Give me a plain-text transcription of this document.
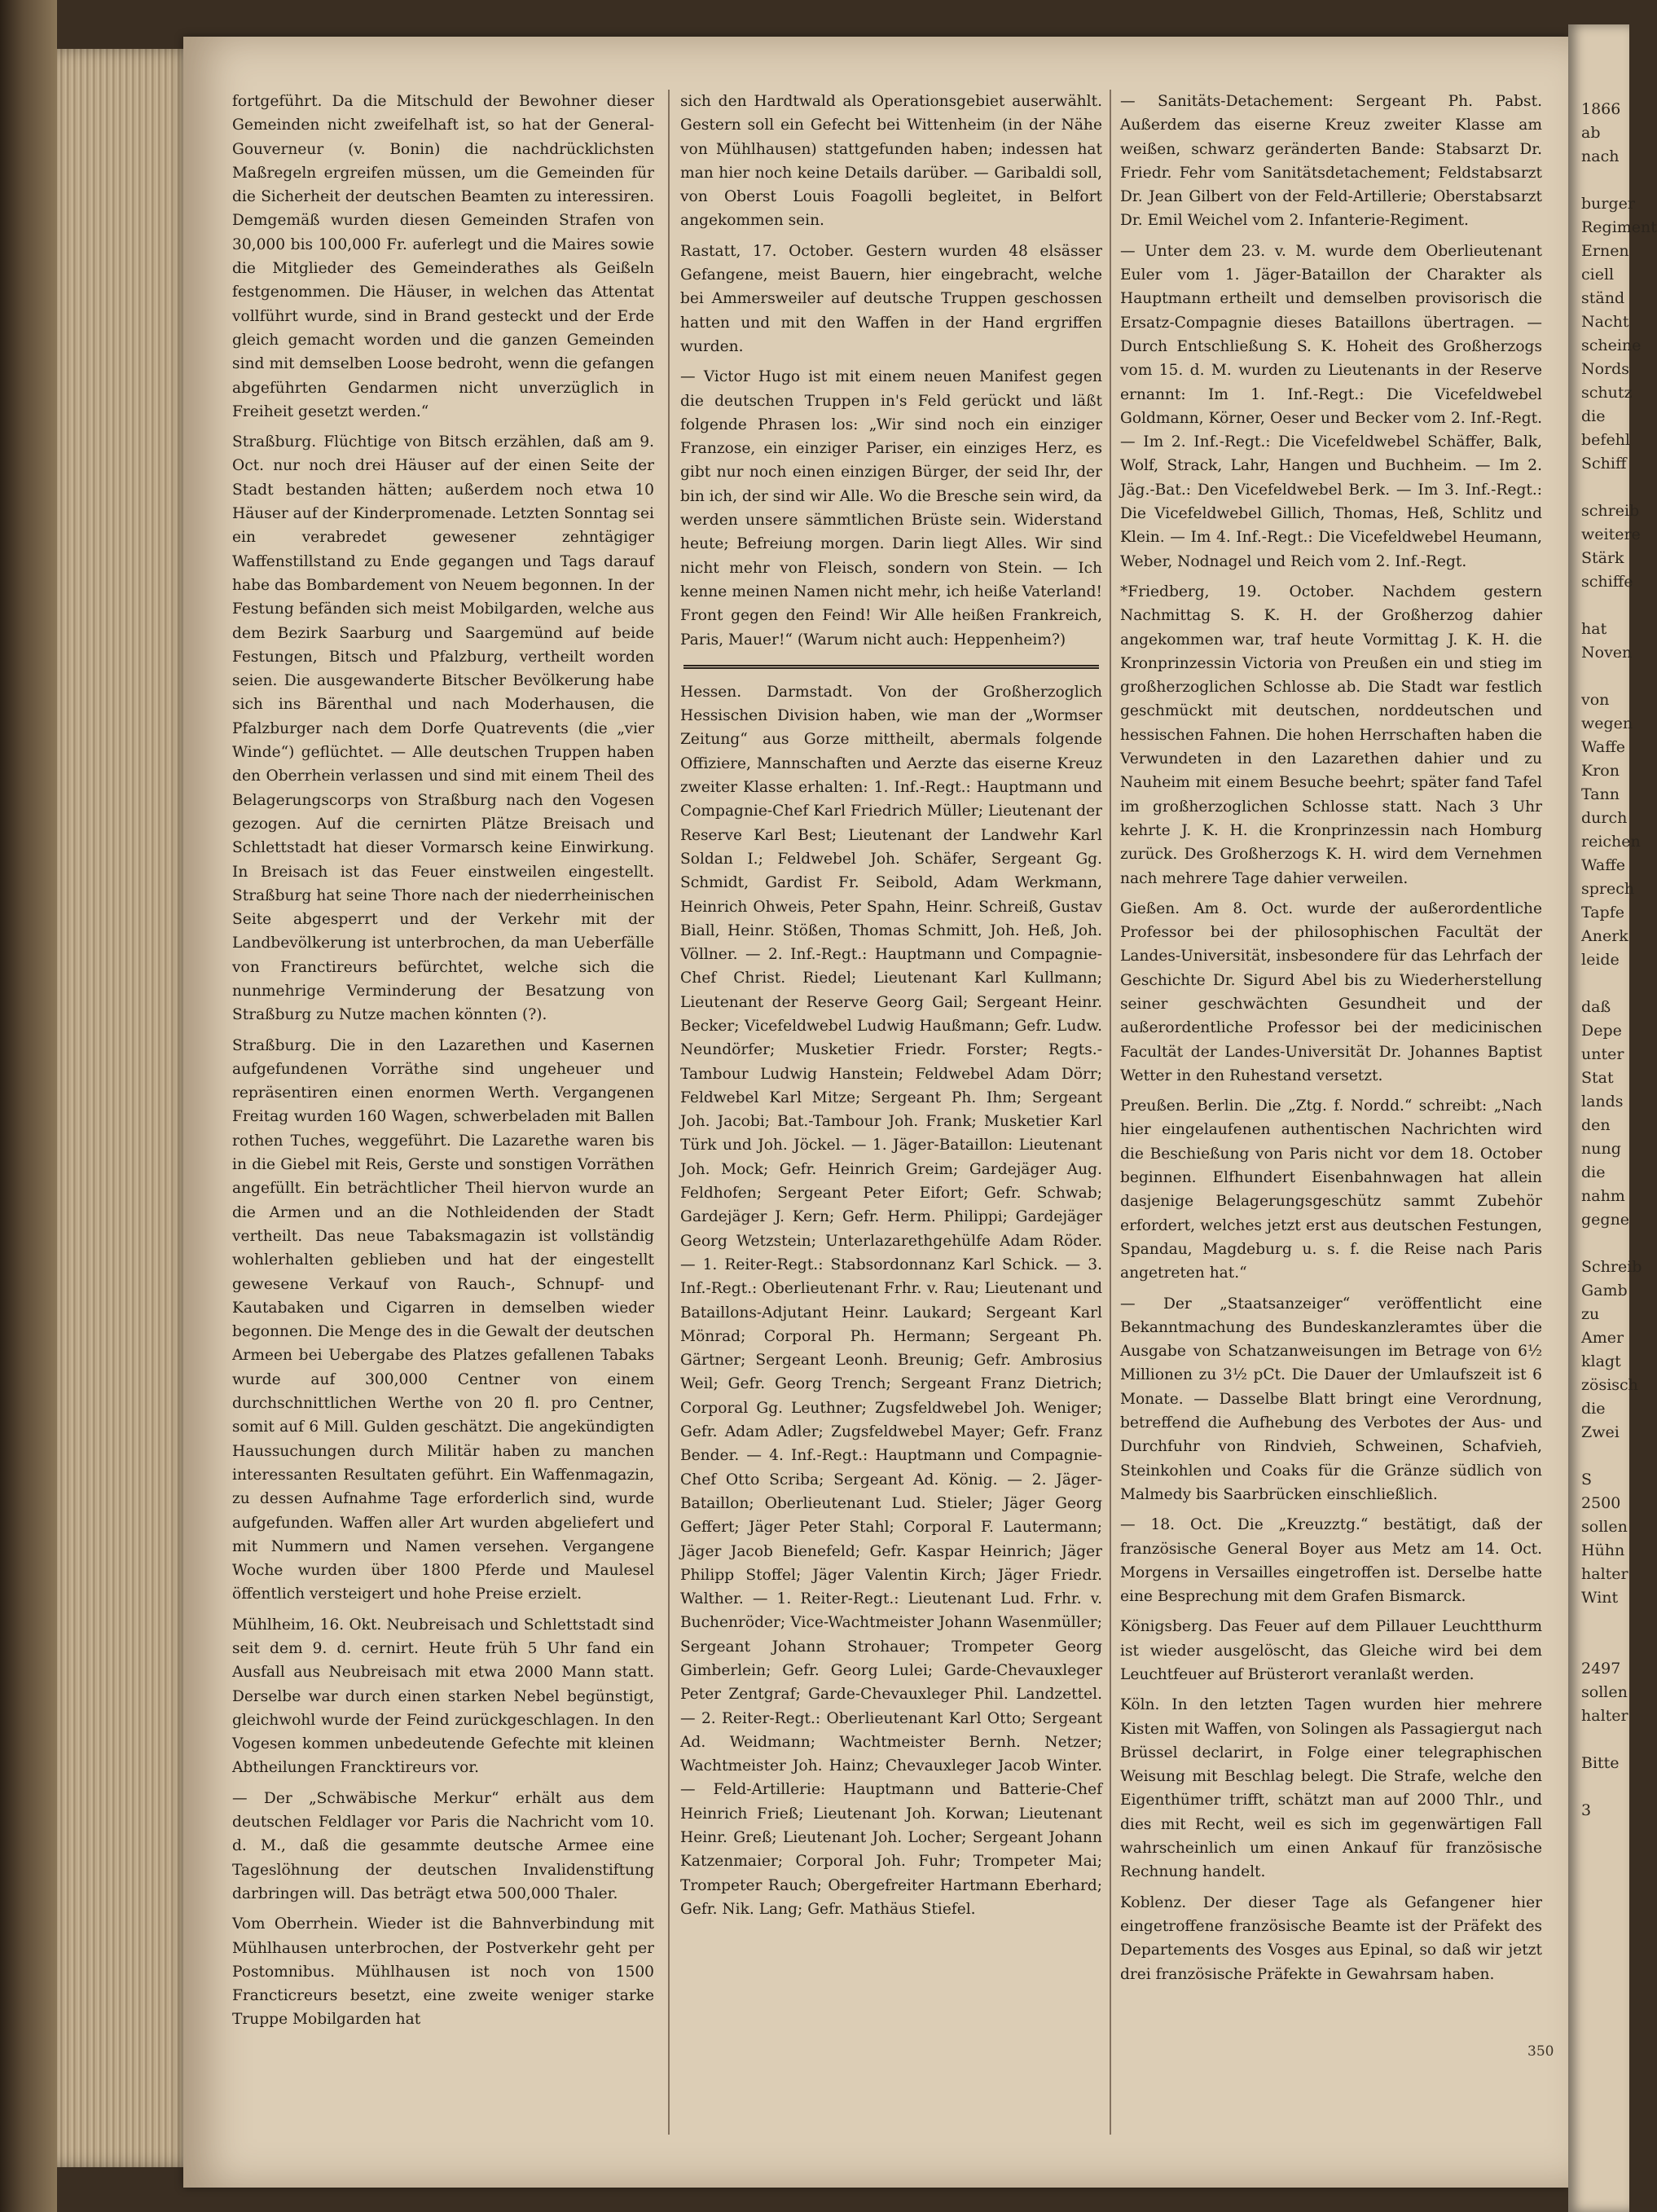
1866
ab
nach

burger
Regiment
Ernen
ciell
ständ
Nacht
scheine
Nords
schutz
die
befehl
Schiff

schreib
weitere
Stärk
schiffe

hat
Noven

von
wegen
Waffe
Kron
Tann
durch
reichen
Waffe
sprech
Tapfe
Anerk
leide

daß
Depe
unter
Stat
lands
den
nung
die
nahm
gegne

Schreib
Gamb
zu
Amer
klagt
zösisch
die
Zwei

S
2500
sollen
Hühn
halter
Wint

2497
sollen
halter

Bitte

3

fortgeführt. Da die Mitschuld der Bewohner dieser Gemeinden nicht zweifelhaft ist, so hat der General-Gouverneur (v. Bonin) die nachdrücklichsten Maßregeln ergreifen müssen, um die Gemeinden für die Sicherheit der deutschen Beamten zu interessiren. Demgemäß wurden diesen Gemeinden Strafen von 30,000 bis 100,000 Fr. auferlegt und die Maires sowie die Mitglieder des Gemeinderathes als Geißeln festgenommen. Die Häuser, in welchen das Attentat vollführt wurde, sind in Brand gesteckt und der Erde gleich gemacht worden und die ganzen Gemeinden sind mit demselben Loose bedroht, wenn die gefangen abgeführten Gendarmen nicht unverzüglich in Freiheit gesetzt werden.“

Straßburg. Flüchtige von Bitsch erzählen, daß am 9. Oct. nur noch drei Häuser auf der einen Seite der Stadt bestanden hätten; außerdem noch etwa 10 Häuser auf der Kinderpromenade. Letzten Sonntag sei ein verabredet gewesener zehntägiger Waffenstillstand zu Ende gegangen und Tags darauf habe das Bombardement von Neuem begonnen. In der Festung befänden sich meist Mobilgarden, welche aus dem Bezirk Saarburg und Saargemünd auf beide Festungen, Bitsch und Pfalzburg, vertheilt worden seien. Die ausgewanderte Bitscher Bevölkerung habe sich ins Bärenthal und nach Moderhausen, die Pfalzburger nach dem Dorfe Quatrevents (die „vier Winde“) geflüchtet. — Alle deutschen Truppen haben den Oberrhein verlassen und sind mit einem Theil des Belagerungscorps von Straßburg nach den Vogesen gezogen. Auf die cernirten Plätze Breisach und Schlettstadt hat dieser Vormarsch keine Einwirkung. In Breisach ist das Feuer einstweilen eingestellt. Straßburg hat seine Thore nach der niederrheinischen Seite abgesperrt und der Verkehr mit der Landbevölkerung ist unterbrochen, da man Ueberfälle von Franctireurs befürchtet, welche sich die nunmehrige Verminderung der Besatzung von Straßburg zu Nutze machen könnten (?).

Straßburg. Die in den Lazarethen und Kasernen aufgefundenen Vorräthe sind ungeheuer und repräsentiren einen enormen Werth. Vergangenen Freitag wurden 160 Wagen, schwerbeladen mit Ballen rothen Tuches, weggeführt. Die Lazarethe waren bis in die Giebel mit Reis, Gerste und sonstigen Vorräthen angefüllt. Ein beträchtlicher Theil hiervon wurde an die Armen und an die Nothleidenden der Stadt vertheilt. Das neue Tabaksmagazin ist vollständig wohlerhalten geblieben und hat der eingestellt gewesene Verkauf von Rauch-, Schnupf- und Kautabaken und Cigarren in demselben wieder begonnen. Die Menge des in die Gewalt der deutschen Armeen bei Uebergabe des Platzes gefallenen Tabaks wurde auf 300,000 Centner von einem durchschnittlichen Werthe von 20 fl. pro Centner, somit auf 6 Mill. Gulden geschätzt. Die angekündigten Haussuchungen durch Militär haben zu manchen interessanten Resultaten geführt. Ein Waffenmagazin, zu dessen Aufnahme Tage erforderlich sind, wurde aufgefunden. Waffen aller Art wurden abgeliefert und mit Nummern und Namen versehen. Vergangene Woche wurden über 1800 Pferde und Maulesel öffentlich versteigert und hohe Preise erzielt.

Mühlheim, 16. Okt. Neubreisach und Schlettstadt sind seit dem 9. d. cernirt. Heute früh 5 Uhr fand ein Ausfall aus Neubreisach mit etwa 2000 Mann statt. Derselbe war durch einen starken Nebel begünstigt, gleichwohl wurde der Feind zurückgeschlagen. In den Vogesen kommen unbedeutende Gefechte mit kleinen Abtheilungen Francktireurs vor.

— Der „Schwäbische Merkur“ erhält aus dem deutschen Feldlager vor Paris die Nachricht vom 10. d. M., daß die gesammte deutsche Armee eine Tageslöhnung der deutschen Invalidenstiftung darbringen will. Das beträgt etwa 500,000 Thaler.

Vom Oberrhein. Wieder ist die Bahnverbindung mit Mühlhausen unterbrochen, der Postverkehr geht per Postomnibus. Mühlhausen ist noch von 1500 Francticreurs besetzt, eine zweite weniger starke Truppe Mobilgarden hat

sich den Hardtwald als Operationsgebiet auserwählt. Gestern soll ein Gefecht bei Wittenheim (in der Nähe von Mühlhausen) stattgefunden haben; indessen hat man hier noch keine Details darüber. — Garibaldi soll, von Oberst Louis Foagolli begleitet, in Belfort angekommen sein.

Rastatt, 17. October. Gestern wurden 48 elsässer Gefangene, meist Bauern, hier eingebracht, welche bei Ammersweiler auf deutsche Truppen geschossen hatten und mit den Waffen in der Hand ergriffen wurden.

— Victor Hugo ist mit einem neuen Manifest gegen die deutschen Truppen in's Feld gerückt und läßt folgende Phrasen los: „Wir sind noch ein einziger Franzose, ein einziger Pariser, ein einziges Herz, es gibt nur noch einen einzigen Bürger, der seid Ihr, der bin ich, der sind wir Alle. Wo die Bresche sein wird, da werden unsere sämmtlichen Brüste sein. Widerstand heute; Befreiung morgen. Darin liegt Alles. Wir sind nicht mehr von Fleisch, sondern von Stein. — Ich kenne meinen Namen nicht mehr, ich heiße Vaterland! Front gegen den Feind! Wir Alle heißen Frankreich, Paris, Mauer!“ (Warum nicht auch: Heppenheim?)

Hessen. Darmstadt. Von der Großherzoglich Hessischen Division haben, wie man der „Wormser Zeitung“ aus Gorze mittheilt, abermals folgende Offiziere, Mannschaften und Aerzte das eiserne Kreuz zweiter Klasse erhalten: 1. Inf.-Regt.: Hauptmann und Compagnie-Chef Karl Friedrich Müller; Lieutenant der Reserve Karl Best; Lieutenant der Landwehr Karl Soldan I.; Feldwebel Joh. Schäfer, Sergeant Gg. Schmidt, Gardist Fr. Seibold, Adam Werkmann, Heinrich Ohweis, Peter Spahn, Heinr. Schreiß, Gustav Biall, Heinr. Stößen, Thomas Schmitt, Joh. Heß, Joh. Völlner. — 2. Inf.-Regt.: Hauptmann und Compagnie-Chef Christ. Riedel; Lieutenant Karl Kullmann; Lieutenant der Reserve Georg Gail; Sergeant Heinr. Becker; Vicefeldwebel Ludwig Haußmann; Gefr. Ludw. Neundörfer; Musketier Friedr. Forster; Regts.-Tambour Ludwig Hanstein; Feldwebel Adam Dörr; Feldwebel Karl Mitze; Sergeant Ph. Ihm; Sergeant Joh. Jacobi; Bat.-Tambour Joh. Frank; Musketier Karl Türk und Joh. Jöckel. — 1. Jäger-Bataillon: Lieutenant Joh. Mock; Gefr. Heinrich Greim; Gardejäger Aug. Feldhofen; Sergeant Peter Eifort; Gefr. Schwab; Gardejäger J. Kern; Gefr. Herm. Philippi; Gardejäger Georg Wetzstein; Unterlazarethgehülfe Adam Röder. — 1. Reiter-Regt.: Stabsordonnanz Karl Schick. — 3. Inf.-Regt.: Oberlieutenant Frhr. v. Rau; Lieutenant und Bataillons-Adjutant Heinr. Laukard; Sergeant Karl Mönrad; Corporal Ph. Hermann; Sergeant Ph. Gärtner; Sergeant Leonh. Breunig; Gefr. Ambrosius Weil; Gefr. Georg Trench; Sergeant Franz Dietrich; Corporal Gg. Leuthner; Zugsfeldwebel Joh. Weniger; Gefr. Adam Adler; Zugsfeldwebel Mayer; Gefr. Franz Bender. — 4. Inf.-Regt.: Hauptmann und Compagnie-Chef Otto Scriba; Sergeant Ad. König. — 2. Jäger-Bataillon; Oberlieutenant Lud. Stieler; Jäger Georg Geffert; Jäger Peter Stahl; Corporal F. Lautermann; Jäger Jacob Bienefeld; Gefr. Kaspar Heinrich; Jäger Philipp Stoffel; Jäger Valentin Kirch; Jäger Friedr. Walther. — 1. Reiter-Regt.: Lieutenant Lud. Frhr. v. Buchenröder; Vice-Wachtmeister Johann Wasenmüller; Sergeant Johann Strohauer; Trompeter Georg Gimberlein; Gefr. Georg Lulei; Garde-Chevauxleger Peter Zentgraf; Garde-Chevauxleger Phil. Landzettel. — 2. Reiter-Regt.: Oberlieutenant Karl Otto; Sergeant Ad. Weidmann; Wachtmeister Bernh. Netzer; Wachtmeister Joh. Hainz; Chevauxleger Jacob Winter. — Feld-Artillerie: Hauptmann und Batterie-Chef Heinrich Frieß; Lieutenant Joh. Korwan; Lieutenant Heinr. Greß; Lieutenant Joh. Locher; Sergeant Johann Katzenmaier; Corporal Joh. Fuhr; Trompeter Mai; Trompeter Rauch; Obergefreiter Hartmann Eberhard; Gefr. Nik. Lang; Gefr. Mathäus Stiefel.

— Sanitäts-Detachement: Sergeant Ph. Pabst. Außerdem das eiserne Kreuz zweiter Klasse am weißen, schwarz geränderten Bande: Stabsarzt Dr. Friedr. Fehr vom Sanitätsdetachement; Feldstabsarzt Dr. Jean Gilbert von der Feld-Artillerie; Oberstabsarzt Dr. Emil Weichel vom 2. Infanterie-Regiment.

— Unter dem 23. v. M. wurde dem Oberlieutenant Euler vom 1. Jäger-Bataillon der Charakter als Hauptmann ertheilt und demselben provisorisch die Ersatz-Compagnie dieses Bataillons übertragen. — Durch Entschließung S. K. Hoheit des Großherzogs vom 15. d. M. wurden zu Lieutenants in der Reserve ernannt: Im 1. Inf.-Regt.: Die Vicefeldwebel Goldmann, Körner, Oeser und Becker vom 2. Inf.-Regt. — Im 2. Inf.-Regt.: Die Vicefeldwebel Schäffer, Balk, Wolf, Strack, Lahr, Hangen und Buchheim. — Im 2. Jäg.-Bat.: Den Vicefeldwebel Berk. — Im 3. Inf.-Regt.: Die Vicefeldwebel Gillich, Thomas, Heß, Schlitz und Klein. — Im 4. Inf.-Regt.: Die Vicefeldwebel Heumann, Weber, Nodnagel und Reich vom 2. Inf.-Regt.

*Friedberg, 19. October. Nachdem gestern Nachmittag S. K. H. der Großherzog dahier angekommen war, traf heute Vormittag J. K. H. die Kronprinzessin Victoria von Preußen ein und stieg im großherzoglichen Schlosse ab. Die Stadt war festlich geschmückt mit deutschen, norddeutschen und hessischen Fahnen. Die hohen Herrschaften haben die Verwundeten in den Lazarethen dahier und zu Nauheim mit einem Besuche beehrt; später fand Tafel im großherzoglichen Schlosse statt. Nach 3 Uhr kehrte J. K. H. die Kronprinzessin nach Homburg zurück. Des Großherzogs K. H. wird dem Vernehmen nach mehrere Tage dahier verweilen.

Gießen. Am 8. Oct. wurde der außerordentliche Professor bei der philosophischen Facultät der Landes-Universität, insbesondere für das Lehrfach der Geschichte Dr. Sigurd Abel bis zu Wiederherstellung seiner geschwächten Gesundheit und der außerordentliche Professor bei der medicinischen Facultät der Landes-Universität Dr. Johannes Baptist Wetter in den Ruhestand versetzt.

Preußen. Berlin. Die „Ztg. f. Nordd.“ schreibt: „Nach hier eingelaufenen authentischen Nachrichten wird die Beschießung von Paris nicht vor dem 18. October beginnen. Elfhundert Eisenbahnwagen hat allein dasjenige Belagerungsgeschütz sammt Zubehör erfordert, welches jetzt erst aus deutschen Festungen, Spandau, Magdeburg u. s. f. die Reise nach Paris angetreten hat.“

— Der „Staatsanzeiger“ veröffentlicht eine Bekanntmachung des Bundeskanzleramtes über die Ausgabe von Schatzanweisungen im Betrage von 6½ Millionen zu 3½ pCt. Die Dauer der Umlaufszeit ist 6 Monate. — Dasselbe Blatt bringt eine Verordnung, betreffend die Aufhebung des Verbotes der Aus- und Durchfuhr von Rindvieh, Schweinen, Schafvieh, Steinkohlen und Coaks für die Gränze südlich von Malmedy bis Saarbrücken einschließlich.

— 18. Oct. Die „Kreuzztg.“ bestätigt, daß der französische General Boyer aus Metz am 14. Oct. Morgens in Versailles eingetroffen ist. Derselbe hatte eine Besprechung mit dem Grafen Bismarck.

Königsberg. Das Feuer auf dem Pillauer Leuchtthurm ist wieder ausgelöscht, das Gleiche wird bei dem Leuchtfeuer auf Brüsterort veranlaßt werden.

Köln. In den letzten Tagen wurden hier mehrere Kisten mit Waffen, von Solingen als Passagiergut nach Brüssel declarirt, in Folge einer telegraphischen Weisung mit Beschlag belegt. Die Strafe, welche den Eigenthümer trifft, schätzt man auf 2000 Thlr., und dies mit Recht, weil es sich im gegenwärtigen Fall wahrscheinlich um einen Ankauf für französische Rechnung handelt.

Koblenz. Der dieser Tage als Gefangener hier eingetroffene französische Beamte ist der Präfekt des Departements des Vosges aus Epinal, so daß wir jetzt drei französische Präfekte in Gewahrsam haben.

350
